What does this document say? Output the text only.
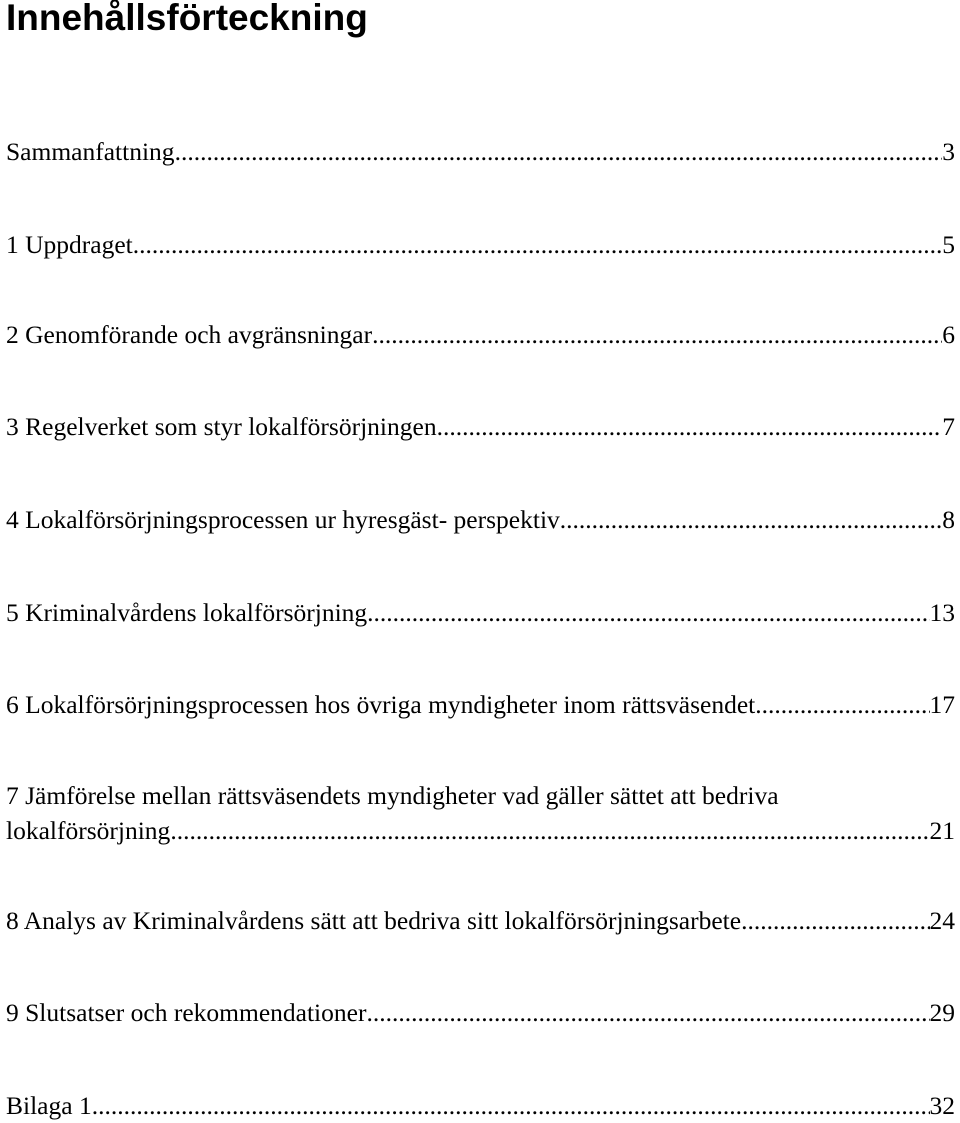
Innehållsförteckning
Sammanfattning .....	3
1 Uppdraget .....	5
2 Genomförande och avgränsningar .....	6
3 Regelverket som styr lokalförsörjningen .....	7
4 Lokalförsörjningsprocessen ur hyresgäst- perspektiv .....	8
5 Kriminalvårdens lokalförsörjning .....	13
6 Lokalförsörjningsprocessen hos övriga myndigheter inom rättsväsendet .....	17
7 Jämförelse mellan rättsväsendets myndigheter vad gäller sättet att bedriva
lokalförsörjning .....	21
8 Analys av Kriminalvårdens sätt att bedriva sitt lokalförsörjningsarbete .....	24
9 Slutsatser och rekommendationer .....	29
Bilaga 1 .....	32
